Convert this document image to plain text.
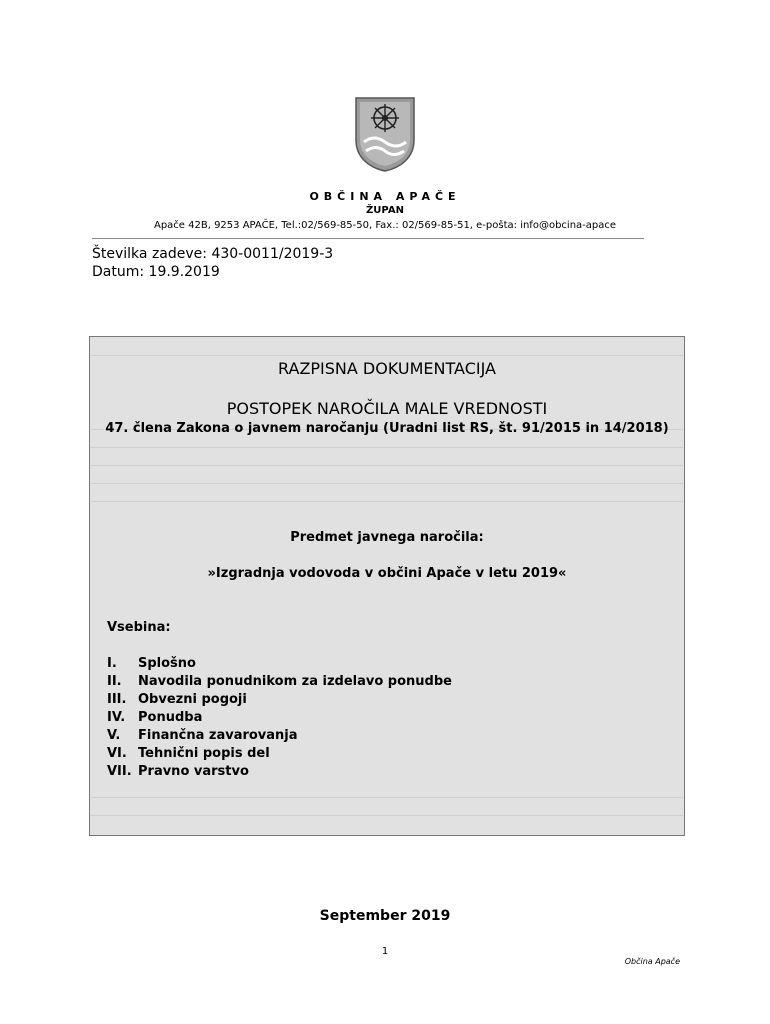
OBČINA APAČE
ŽUPAN
Apače 42B, 9253 APAČE, Tel.:02/569-85-50, Fax.: 02/569-85-51, e-pošta: info@obcina-apace
Številka zadeve: 430-0011/2019-3
Datum: 19.9.2019
RAZPISNA DOKUMENTACIJA
POSTOPEK NAROČILA MALE VREDNOSTI
47. člena Zakona o javnem naročanju (Uradni list RS, št. 91/2015 in 14/2018)
Predmet javnega naročila:
»Izgradnja vodovoda v občini Apače v letu 2019«
Vsebina:
I.	Splošno
II.	Navodila ponudnikom za izdelavo ponudbe
III. Obvezni pogoji
IV. Ponudba
V.	Finančna zavarovanja
VI. Tehnični popis del
VII. Pravno varstvo
September 2019
1
Občina Apače
